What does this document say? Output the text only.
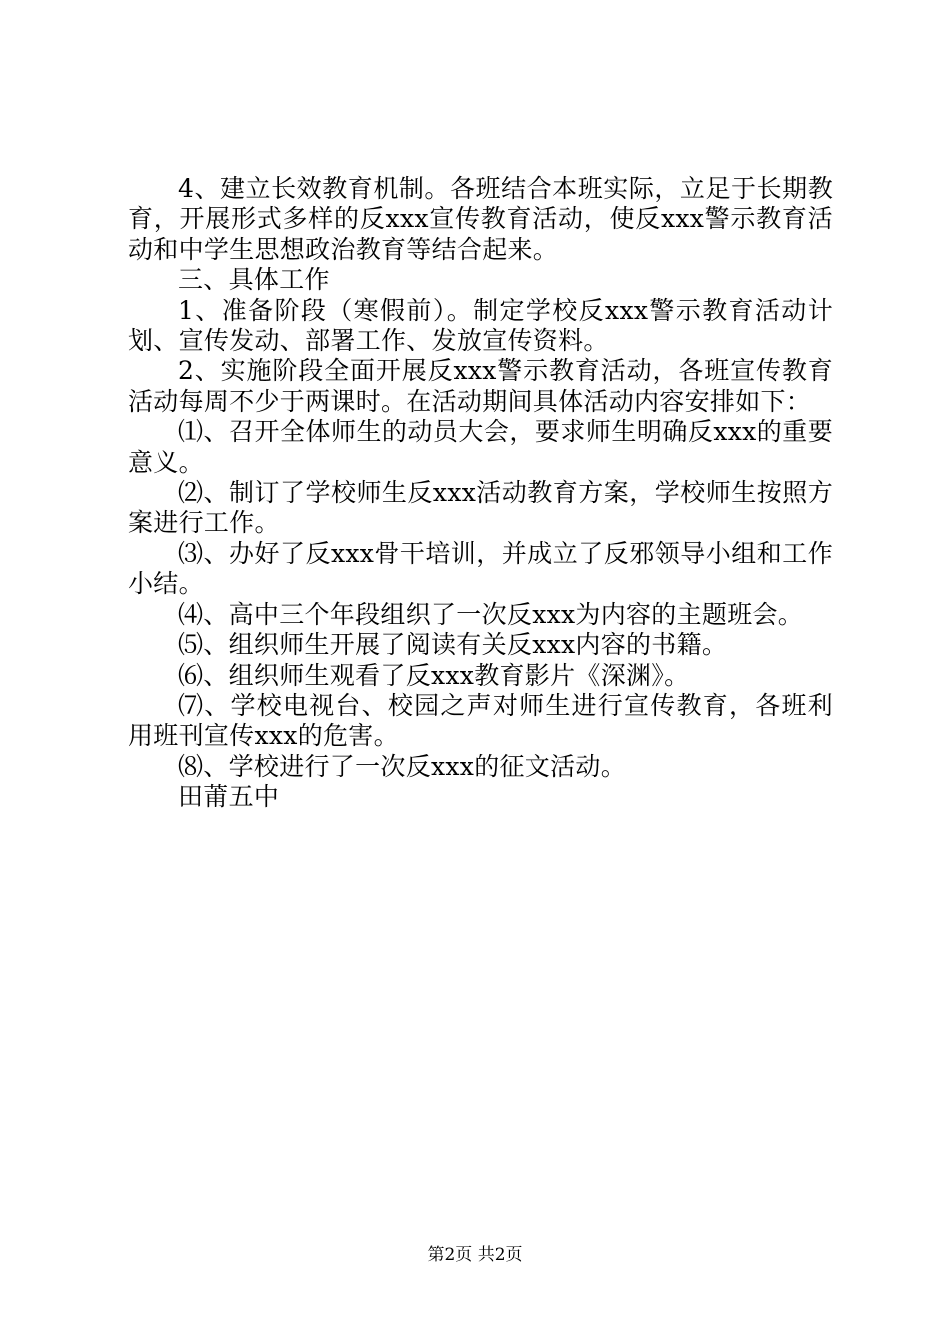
4、建立长效教育机制。各班结合本班实际，立足于长期教育，开展形式多样的反xxx宣传教育活动，使反xxx警示教育活动和中学生思想政治教育等结合起来。

三、具体工作

1、准备阶段（寒假前）。制定学校反xxx警示教育活动计划、宣传发动、部署工作、发放宣传资料。

2、实施阶段全面开展反xxx警示教育活动，各班宣传教育活动每周不少于两课时。在活动期间具体活动内容安排如下：

⑴、召开全体师生的动员大会，要求师生明确反xxx的重要意义。

⑵、制订了学校师生反xxx活动教育方案，学校师生按照方案进行工作。

⑶、办好了反xxx骨干培训，并成立了反邪领导小组和工作小结。

⑷、高中三个年段组织了一次反xxx为内容的主题班会。

⑸、组织师生开展了阅读有关反xxx内容的书籍。

⑹、组织师生观看了反xxx教育影片《深渊》。

⑺、学校电视台、校园之声对师生进行宣传教育，各班利用班刊宣传xxx的危害。

⑻、学校进行了一次反xxx的征文活动。

田莆五中

第2页 共2页
